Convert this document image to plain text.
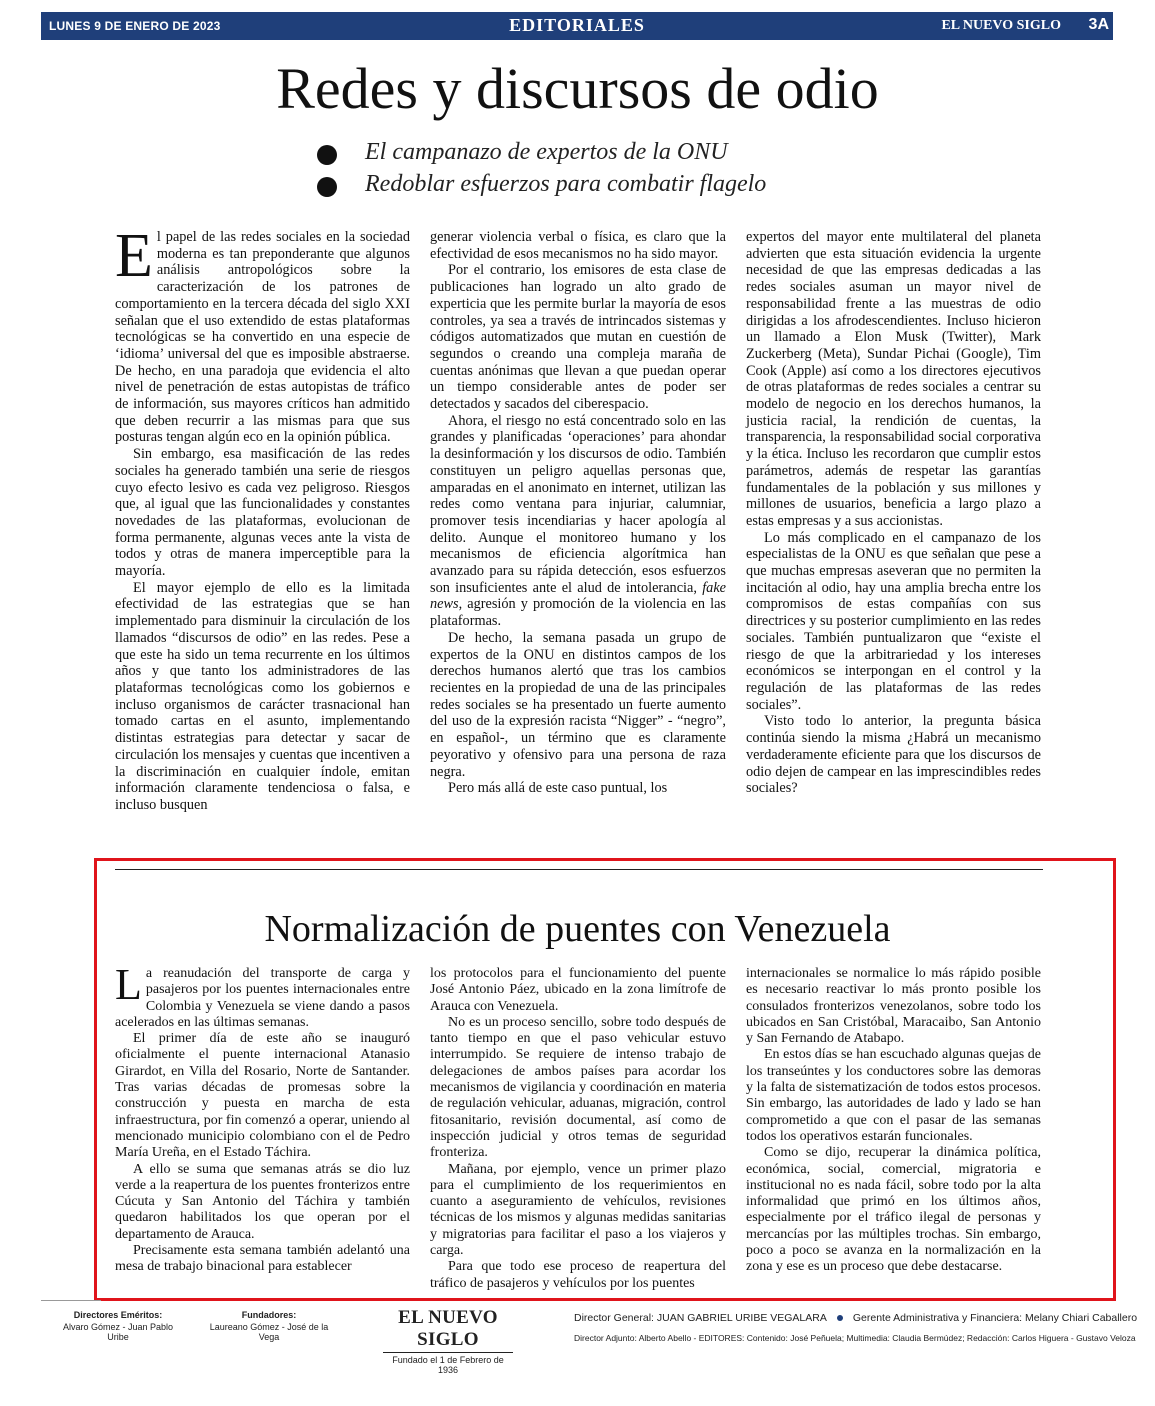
LUNES 9 DE ENERO DE 2023	EDITORIALES	EL NUEVO SIGLO 3A
Redes y discursos de odio
El campanazo de expertos de la ONU
Redoblar esfuerzos para combatir flagelo

El papel de las redes sociales en la sociedad moderna es tan preponderante que algunos análisis antropológicos sobre la caracterización de los patrones de comportamiento en la tercera década del siglo XXI señalan que el uso extendido de estas plataformas tecnológicas se ha convertido en una especie de ‘idioma’ universal del que es imposible abstraerse. De hecho, en una paradoja que evidencia el alto nivel de penetración de estas autopistas de tráfico de información, sus mayores críticos han admitido que deben recurrir a las mismas para que sus posturas tengan algún eco en la opinión pública.

Sin embargo, esa masificación de las redes sociales ha generado también una serie de riesgos cuyo efecto lesivo es cada vez peligroso. Riesgos que, al igual que las funcionalidades y constantes novedades de las plataformas, evolucionan de forma permanente, algunas veces ante la vista de todos y otras de manera imperceptible para la mayoría.

El mayor ejemplo de ello es la limitada efectividad de las estrategias que se han implementado para disminuir la circulación de los llamados “discursos de odio” en las redes. Pese a que este ha sido un tema recurrente en los últimos años y que tanto los administradores de las plataformas tecnológicas como los gobiernos e incluso organismos de carácter trasnacional han tomado cartas en el asunto, implementando distintas estrategias para detectar y sacar de circulación los mensajes y cuentas que incentiven a la discriminación en cualquier índole, emitan información claramente tendenciosa o falsa, e incluso busquen

generar violencia verbal o física, es claro que la efectividad de esos mecanismos no ha sido mayor.

Por el contrario, los emisores de esta clase de publicaciones han logrado un alto grado de experticia que les permite burlar la mayoría de esos controles, ya sea a través de intrincados sistemas y códigos automatizados que mutan en cuestión de segundos o creando una compleja maraña de cuentas anónimas que llevan a que puedan operar un tiempo considerable antes de poder ser detectados y sacados del ciberespacio.

Ahora, el riesgo no está concentrado solo en las grandes y planificadas ‘operaciones’ para ahondar la desinformación y los discursos de odio. También constituyen un peligro aquellas personas que, amparadas en el anonimato en internet, utilizan las redes como ventana para injuriar, calumniar, promover tesis incendiarias y hacer apología al delito. Aunque el monitoreo humano y los mecanismos de eficiencia algorítmica han avanzado para su rápida detección, esos esfuerzos son insuficientes ante el alud de intolerancia, fake news, agresión y promoción de la violencia en las plataformas.

De hecho, la semana pasada un grupo de expertos de la ONU en distintos campos de los derechos humanos alertó que tras los cambios recientes en la propiedad de una de las principales redes sociales se ha presentado un fuerte aumento del uso de la expresión racista “Nigger” - “negro”, en español-, un término que es claramente peyorativo y ofensivo para una persona de raza negra.

Pero más allá de este caso puntual, los

expertos del mayor ente multilateral del planeta advierten que esta situación evidencia la urgente necesidad de que las empresas dedicadas a las redes sociales asuman un mayor nivel de responsabilidad frente a las muestras de odio dirigidas a los afrodescendientes. Incluso hicieron un llamado a Elon Musk (Twitter), Mark Zuckerberg (Meta), Sundar Pichai (Google), Tim Cook (Apple) así como a los directores ejecutivos de otras plataformas de redes sociales a centrar su modelo de negocio en los derechos humanos, la justicia racial, la rendición de cuentas, la transparencia, la responsabilidad social corporativa y la ética. Incluso les recordaron que cumplir estos parámetros, además de respetar las garantías fundamentales de la población y sus millones y millones de usuarios, beneficia a largo plazo a estas empresas y a sus accionistas.

Lo más complicado en el campanazo de los especialistas de la ONU es que señalan que pese a que muchas empresas aseveran que no permiten la incitación al odio, hay una amplia brecha entre los compromisos de estas compañías con sus directrices y su posterior cumplimiento en las redes sociales. También puntualizaron que “existe el riesgo de que la arbitrariedad y los intereses económicos se interpongan en el control y la regulación de las plataformas de las redes sociales”.

Visto todo lo anterior, la pregunta básica continúa siendo la misma ¿Habrá un mecanismo verdaderamente eficiente para que los discursos de odio dejen de campear en las imprescindibles redes sociales?

Normalización de puentes con Venezuela

La reanudación del transporte de carga y pasajeros por los puentes internacionales entre Colombia y Venezuela se viene dando a pasos acelerados en las últimas semanas.

El primer día de este año se inauguró oficialmente el puente internacional Atanasio Girardot, en Villa del Rosario, Norte de Santander. Tras varias décadas de promesas sobre la construcción y puesta en marcha de esta infraestructura, por fin comenzó a operar, uniendo al mencionado municipio colombiano con el de Pedro María Ureña, en el Estado Táchira.

A ello se suma que semanas atrás se dio luz verde a la reapertura de los puentes fronterizos entre Cúcuta y San Antonio del Táchira y también quedaron habilitados los que operan por el departamento de Arauca.

Precisamente esta semana también adelantó una mesa de trabajo binacional para establecer

los protocolos para el funcionamiento del puente José Antonio Páez, ubicado en la zona limítrofe de Arauca con Venezuela.

No es un proceso sencillo, sobre todo después de tanto tiempo en que el paso vehicular estuvo interrumpido. Se requiere de intenso trabajo de delegaciones de ambos países para acordar los mecanismos de vigilancia y coordinación en materia de regulación vehicular, aduanas, migración, control fitosanitario, revisión documental, así como de inspección judicial y otros temas de seguridad fronteriza.

Mañana, por ejemplo, vence un primer plazo para el cumplimiento de los requerimientos en cuanto a aseguramiento de vehículos, revisiones técnicas de los mismos y algunas medidas sanitarias y migratorias para facilitar el paso a los viajeros y carga.

Para que todo ese proceso de reapertura del tráfico de pasajeros y vehículos por los puentes

internacionales se normalice lo más rápido posible es necesario reactivar lo más pronto posible los consulados fronterizos venezolanos, sobre todo los ubicados en San Cristóbal, Maracaibo, San Antonio y San Fernando de Atabapo.

En estos días se han escuchado algunas quejas de los transeúntes y los conductores sobre las demoras y la falta de sistematización de todos estos procesos. Sin embargo, las autoridades de lado y lado se han comprometido a que con el pasar de las semanas todos los operativos estarán funcionales.

Como se dijo, recuperar la dinámica política, económica, social, comercial, migratoria e institucional no es nada fácil, sobre todo por la alta informalidad que primó en los últimos años, especialmente por el tráfico ilegal de personas y mercancías por las múltiples trochas. Sin embargo, poco a poco se avanza en la normalización en la zona y ese es un proceso que debe destacarse.

Directores Eméritos:
Alvaro Gómez - Juan Pablo Uribe
Fundadores:
Laureano Gómez - José de la Vega
EL NUEVO SIGLO
Fundado el 1 de Febrero de 1936
Director General: JUAN GABRIEL URIBE VEGALARA Gerente Administrativa y Financiera: Melany Chiari Caballero
Director Adjunto: Alberto Abello - EDITORES: Contenido: José Peñuela; Multimedia: Claudia Bermúdez; Redacción: Carlos Higuera - Gustavo Veloza
